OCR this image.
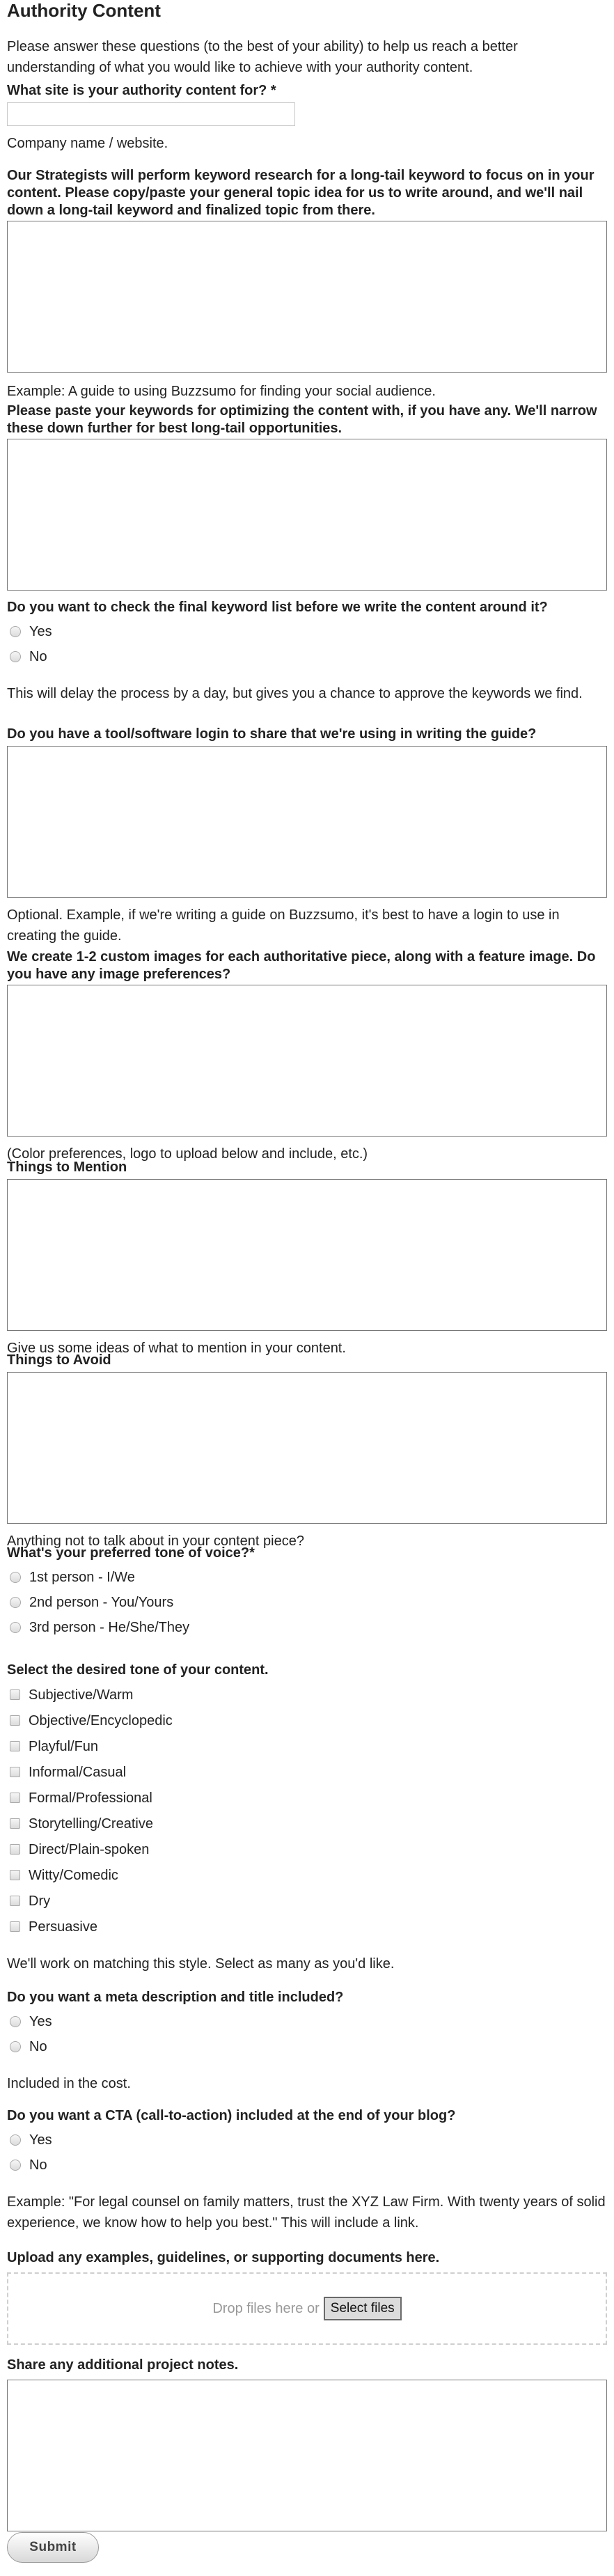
Authority Content

Please answer these questions (to the best of your ability) to help us reach a better understanding of what you would like to achieve with your authority content.

What site is your authority content for? *

Company name / website.

Our Strategists will perform keyword research for a long-tail keyword to focus on in your content. Please copy/paste your general topic idea for us to write around, and we'll nail down a long-tail keyword and finalized topic from there.

Example: A guide to using Buzzsumo for finding your social audience.

Please paste your keywords for optimizing the content with, if you have any. We'll narrow these down further for best long-tail opportunities.
Do you want to check the final keyword list before we write the content around it?
Yes
No

This will delay the process by a day, but gives you a chance to approve the keywords we find.

Do you have a tool/software login to share that we're using in writing the guide?

Optional. Example, if we're writing a guide on Buzzsumo, it's best to have a login to use in creating the guide.

We create 1-2 custom images for each authoritative piece, along with a feature image. Do you have any image preferences?

(Color preferences, logo to upload below and include, etc.)

Things to Mention

Give us some ideas of what to mention in your content.

Things to Avoid

Anything not to talk about in your content piece?

What's your preferred tone of voice?*
1st person - I/We
2nd person - You/Yours
3rd person - He/She/They
Select the desired tone of your content.
Subjective/Warm
Objective/Encyclopedic
Playful/Fun
Informal/Casual
Formal/Professional
Storytelling/Creative
Direct/Plain-spoken
Witty/Comedic
Dry
Persuasive

We'll work on matching this style. Select as many as you'd like.

Do you want a meta description and title included?
Yes
No

Included in the cost.

Do you want a CTA (call-to-action) included at the end of your blog?
Yes
No

Example: "For legal counsel on family matters, trust the XYZ Law Firm. With twenty years of solid experience, we know how to help you best." This will include a link.

Upload any examples, guidelines, or supporting documents here.
Drop files here or Select files
Share any additional project notes.
Submit
